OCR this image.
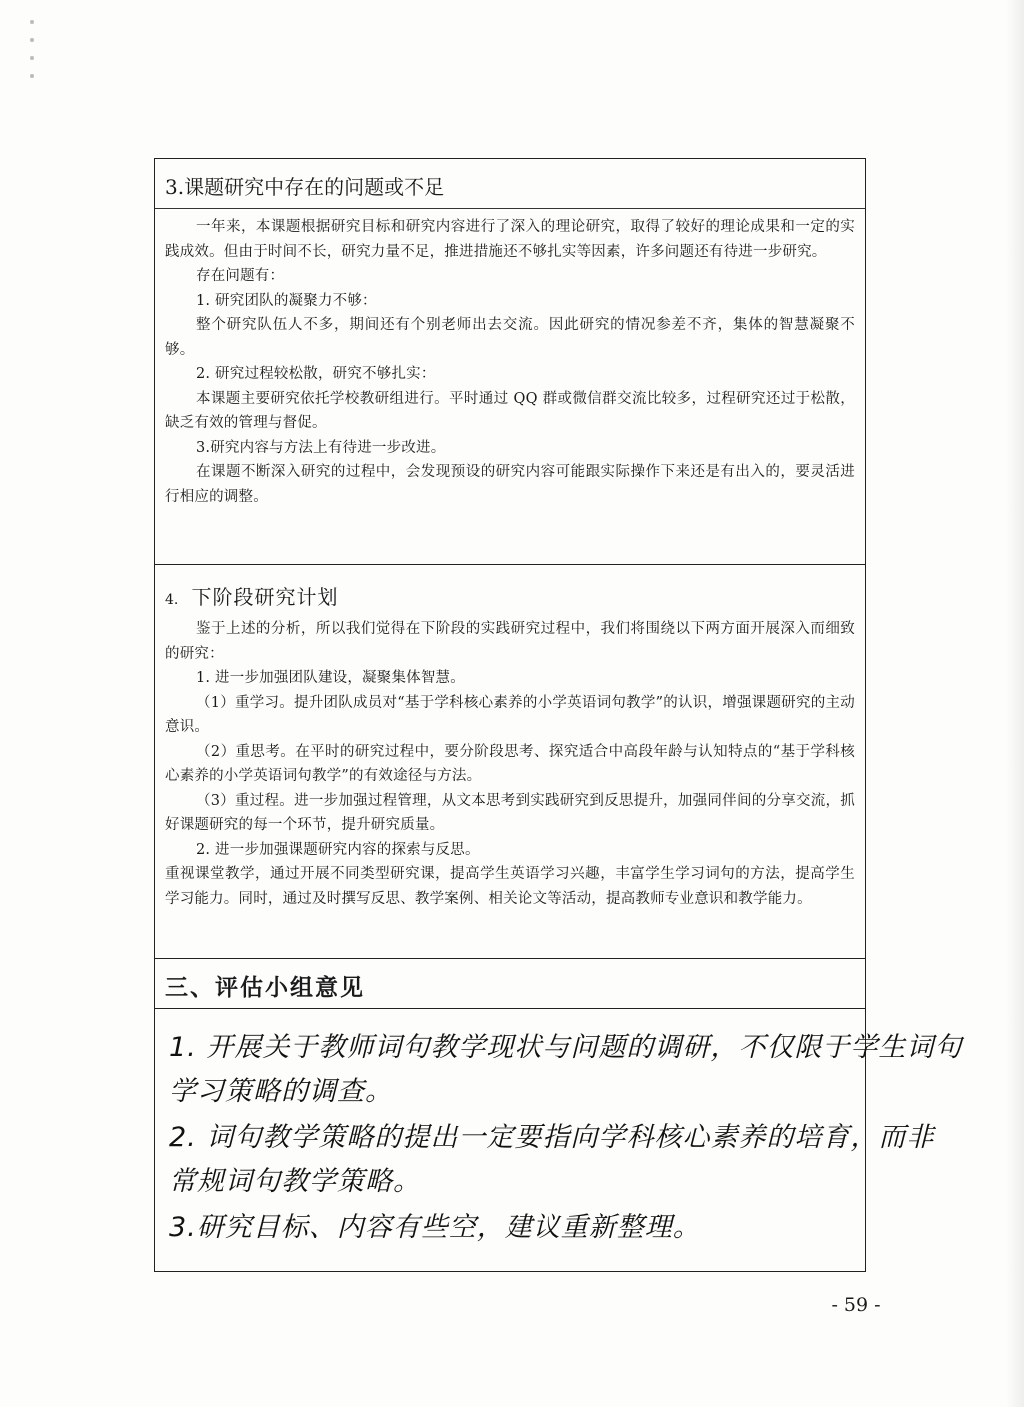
3.课题研究中存在的问题或不足

一年来，本课题根据研究目标和研究内容进行了深入的理论研究，取得了较好的理论成果和一定的实践成效。但由于时间不长，研究力量不足，推进措施还不够扎实等因素，许多问题还有待进一步研究。

存在问题有：

1. 研究团队的凝聚力不够：

整个研究队伍人不多，期间还有个别老师出去交流。因此研究的情况参差不齐，集体的智慧凝聚不够。

2. 研究过程较松散，研究不够扎实：

本课题主要研究依托学校教研组进行。平时通过 QQ 群或微信群交流比较多，过程研究还过于松散，缺乏有效的管理与督促。

3.研究内容与方法上有待进一步改进。

在课题不断深入研究的过程中，会发现预设的研究内容可能跟实际操作下来还是有出入的，要灵活进行相应的调整。

4. 下阶段研究计划

鉴于上述的分析，所以我们觉得在下阶段的实践研究过程中，我们将围绕以下两方面开展深入而细致的研究：

1. 进一步加强团队建设，凝聚集体智慧。

（1）重学习。提升团队成员对“基于学科核心素养的小学英语词句教学”的认识，增强课题研究的主动意识。

（2）重思考。在平时的研究过程中，要分阶段思考、探究适合中高段年龄与认知特点的“基于学科核心素养的小学英语词句教学”的有效途径与方法。

（3）重过程。进一步加强过程管理，从文本思考到实践研究到反思提升，加强同伴间的分享交流，抓好课题研究的每一个环节，提升研究质量。

2. 进一步加强课题研究内容的探索与反思。

重视课堂教学，通过开展不同类型研究课，提高学生英语学习兴趣，丰富学生学习词句的方法，提高学生学习能力。同时，通过及时撰写反思、教学案例、相关论文等活动，提高教师专业意识和教学能力。

三、评估小组意见
1. 开展关于教师词句教学现状与问题的调研，不仅限于学生词句
学习策略的调查。
2. 词句教学策略的提出一定要指向学科核心素养的培育，而非
常规词句教学策略。
3.研究目标、内容有些空，建议重新整理。
- 59 -
